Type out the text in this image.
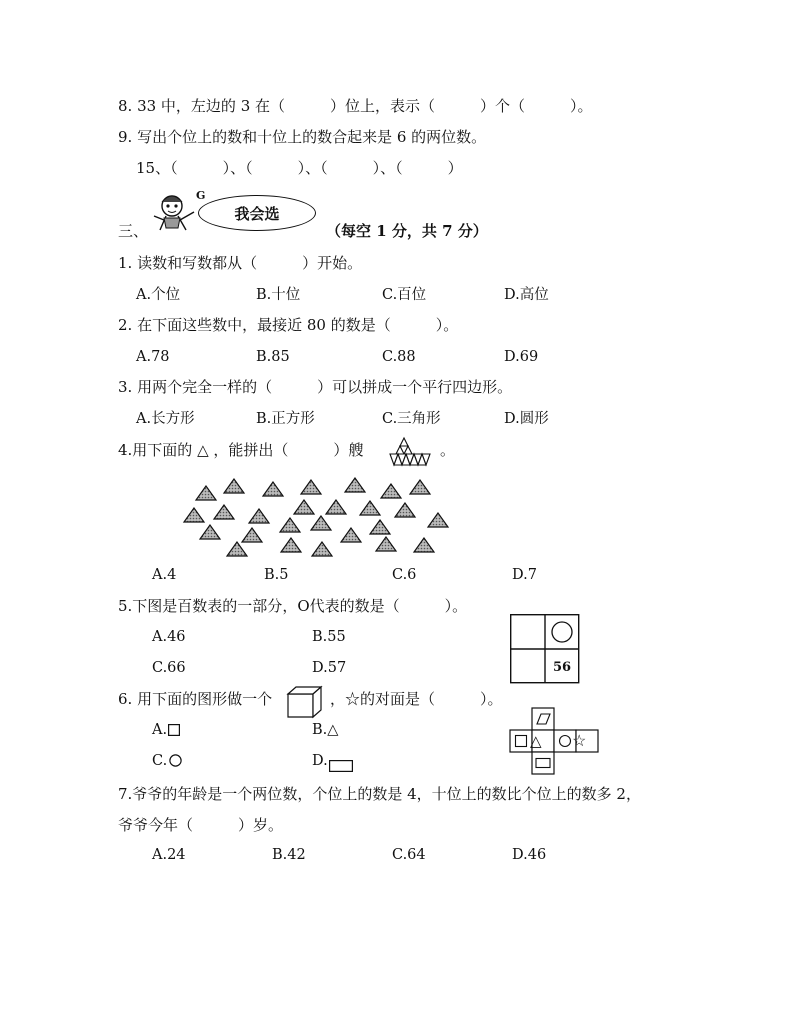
8. 33 中，左边的 3 在（　　　）位上，表示（　　　）个（　　　）。
9. 写出个位上的数和十位上的数合起来是 6 的两位数。
15、（　　　）、（　　　）、（　　　）、（　　　）
三、
G
我会选
（每空 1 分，共 7 分）
1. 读数和写数都从（　　　）开始。
A.个位	B.十位	C.百位	D.高位
2. 在下面这些数中，最接近 80 的数是（　　　）。
A.78	B.85	C.88	D.69
3. 用两个完全一样的（　　　）可以拼成一个平行四边形。
A.长方形	B.正方形	C.三角形	D.圆形
4.用下面的 △ ，能拼出（　　　）艘	。
A.4	B.5	C.6	D.7
5.下图是百数表的一部分，O代表的数是（　　　）。
A.46	B.55
C.66	D.57	56
6. 用下面的图形做一个	，☆的对面是（　　　）。
A.	B.△
C.	D.
△ ☆
7.爷爷的年龄是一个两位数，个位上的数是 4，十位上的数比个位上的数多 2，
爷爷今年（　　　）岁。
A.24	B.42	C.64	D.46
